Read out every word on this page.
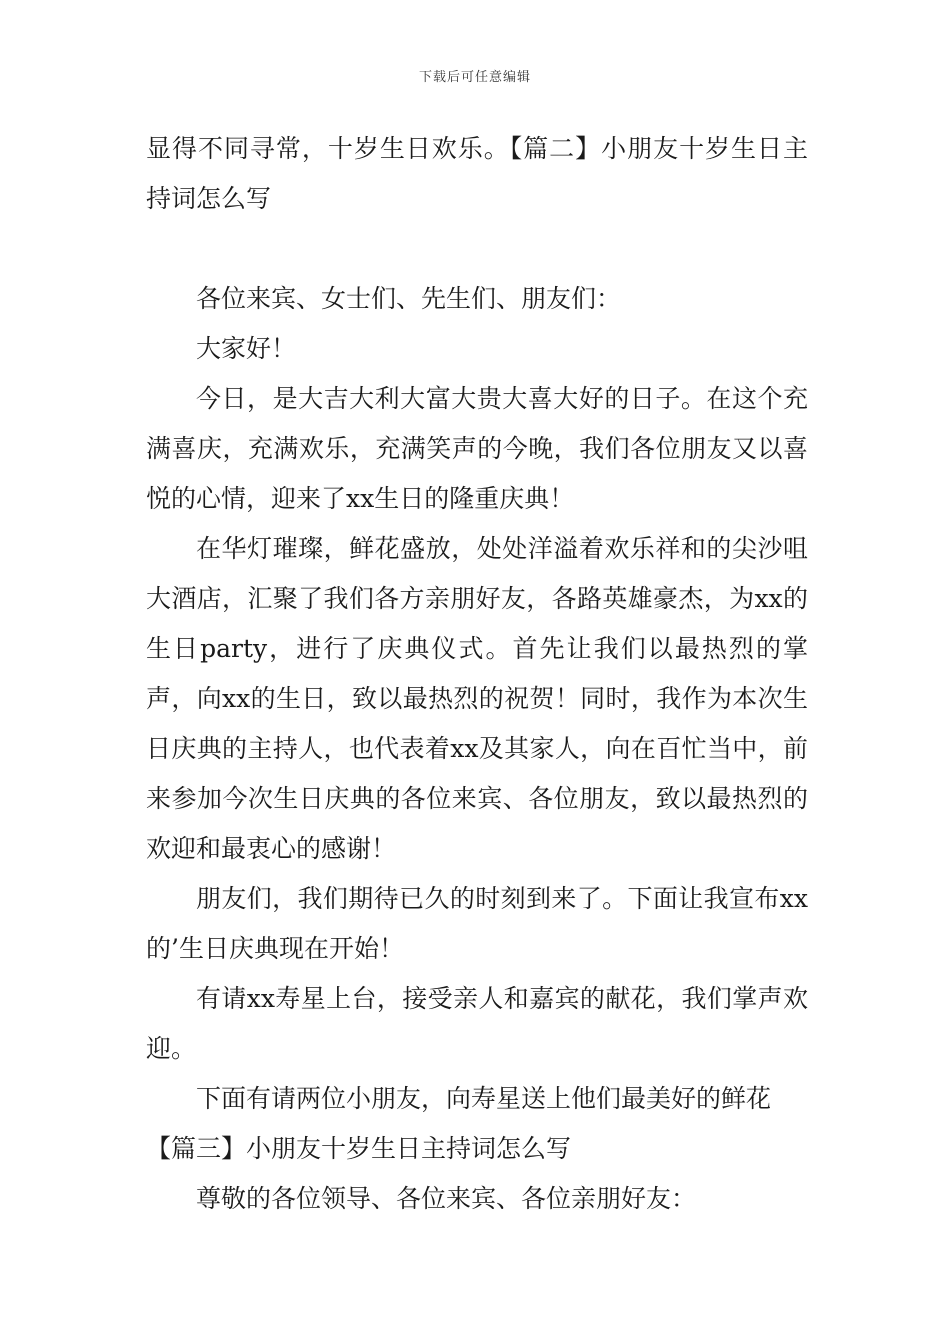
下载后可任意编辑

显得不同寻常，十岁生日欢乐。【篇二】小朋友十岁生日主持词怎么写

各位来宾、女士们、先生们、朋友们：

大家好！

今日，是大吉大利大富大贵大喜大好的日子。在这个充满喜庆，充满欢乐，充满笑声的今晚，我们各位朋友又以喜悦的心情，迎来了xx生日的隆重庆典！

在华灯璀璨，鲜花盛放，处处洋溢着欢乐祥和的尖沙咀大酒店，汇聚了我们各方亲朋好友，各路英雄豪杰，为xx的生日party，进行了庆典仪式。首先让我们以最热烈的掌声，向xx的生日，致以最热烈的祝贺！同时，我作为本次生日庆典的主持人，也代表着xx及其家人，向在百忙当中，前来参加今次生日庆典的各位来宾、各位朋友，致以最热烈的欢迎和最衷心的感谢！

朋友们，我们期待已久的时刻到来了。下面让我宣布xx的’生日庆典现在开始！

有请xx寿星上台，接受亲人和嘉宾的献花，我们掌声欢迎。

下面有请两位小朋友，向寿星送上他们最美好的鲜花

【篇三】小朋友十岁生日主持词怎么写

尊敬的各位领导、各位来宾、各位亲朋好友：
